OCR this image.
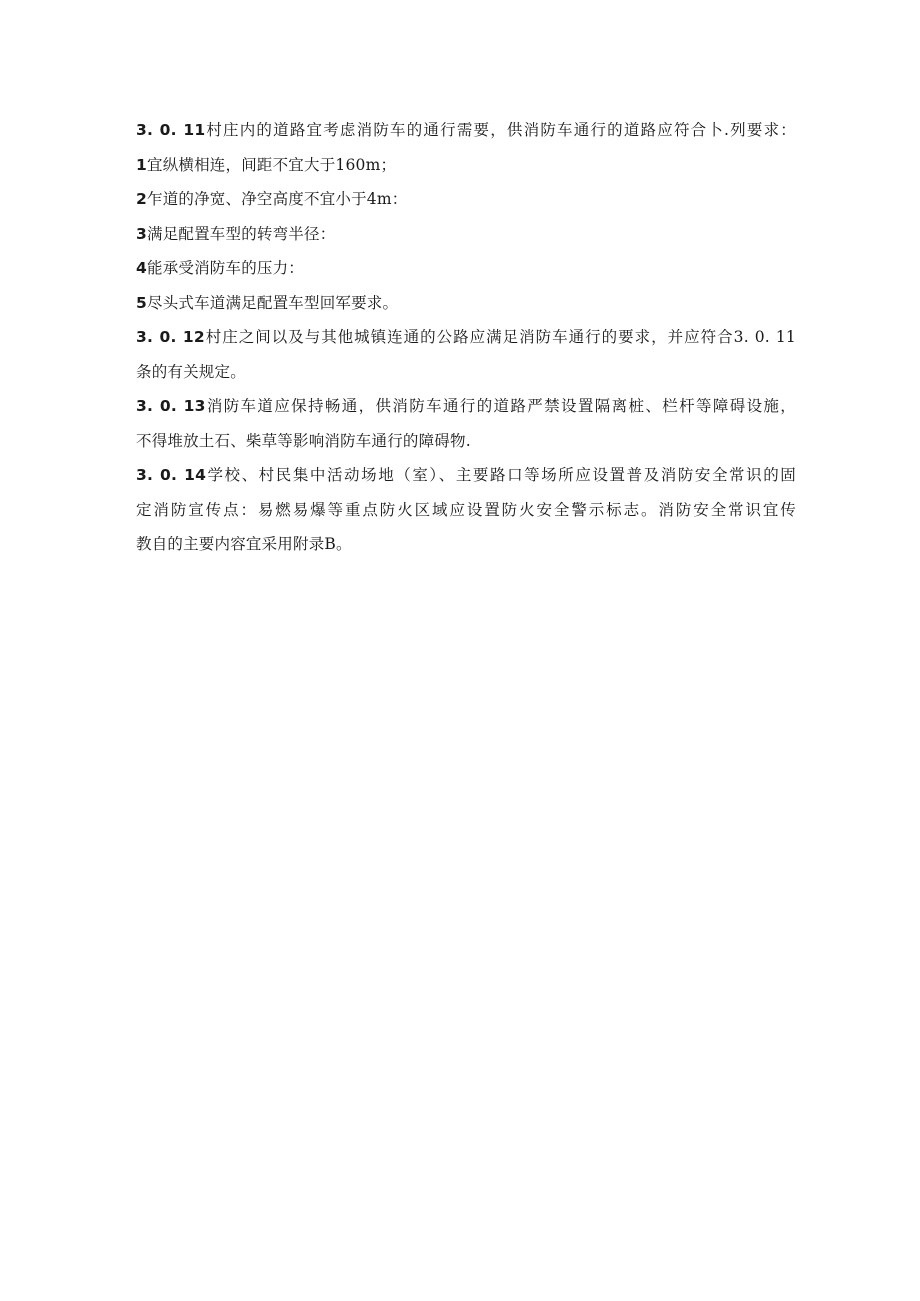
3. 0. 11村庄内的道路宜考虑消防车的通行需要，供消防车通行的道路应符合卜.列要求：
1宜纵横相连，间距不宜大于160m；
2乍道的净宽、净空高度不宜小于4m：
3满足配置车型的转弯半径：
4能承受消防车的压力：
5尽头式车道满足配置车型回军要求。
3. 0. 12村庄之间以及与其他城镇连通的公路应满足消防车通行的要求，并应符合3. 0. 11
条的有关规定。
3. 0. 13消防车道应保持畅通，供消防车通行的道路严禁设置隔离桩、栏杆等障碍设施，
不得堆放土石、柴草等影响消防车通行的障碍物.
3. 0. 14学校、村民集中活动场地（室）、主要路口等场所应设置普及消防安全常识的固
定消防宣传点：易燃易爆等重点防火区域应设置防火安全警示标志。消防安全常识宜传
教自的主要内容宜采用附录B。
